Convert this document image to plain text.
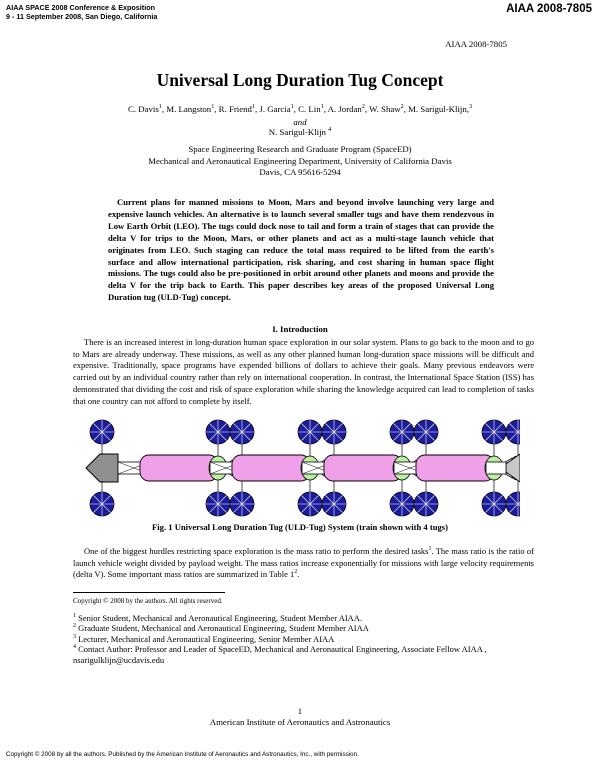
AIAA SPACE 2008 Conference & Exposition
9 - 11 September 2008, San Diego, California
AIAA 2008-7805
AIAA 2008-7805
Universal Long Duration Tug Concept
C. Davis$^1$, M. Langston$^1$, R. Friend$^1$, J. Garcia$^1$, C. Lin$^1$, A. Jordan$^2$, W. Shaw$^2$, M. Sarigul-Klijn,$^3$
and
N. Sarigul-Klijn $^4$
Space Engineering Research and Graduate Program (SpaceED)
Mechanical and Aeronautical Engineering Department, University of California Davis
Davis, CA 95616-5294

Current plans for manned missions to Moon, Mars and beyond involve launching very large and expensive launch vehicles. An alternative is to launch several smaller tugs and have them rendezvous in Low Earth Orbit (LEO). The tugs could dock nose to tail and form a train of stages that can provide the delta V for trips to the Moon, Mars, or other planets and act as a multi-stage launch vehicle that originates from LEO. Such staging can reduce the total mass required to be lifted from the earth's surface and allow international participation, risk sharing, and cost sharing in human space flight missions. The tugs could also be pre-positioned in orbit around other planets and moons and provide the delta V for the trip back to Earth. This paper describes key areas of the proposed Universal Long Duration tug (ULD-Tug) concept.

I. Introduction

There is an increased interest in long-duration human space exploration in our solar system. Plans to go back to the moon and to go to Mars are already underway. These missions, as well as any other planned human long-duration space missions will be difficult and expensive. Traditionally, space programs have expended billions of dollars to achieve their goals. Many previous endeavors were carried out by an individual country rather than rely on international cooperation. In contrast, the International Space Station (ISS) has demonstrated that dividing the cost and risk of space exploration while sharing the knowledge acquired can lead to completion of tasks that one country can not afford to complete by itself.

Fig. 1 Universal Long Duration Tug (ULD-Tug) System (train shown with 4 tugs)

One of the biggest hurdles restricting space exploration is the mass ratio to perform the desired tasks$^1$. The mass ratio is the ratio of launch vehicle weight divided by payload weight. The mass ratios increase exponentially for missions with large velocity requirements (delta V). Some important mass ratios are summarized in Table $1^2$.

Copyright © 2008 by the authors. All rights reserved.
$^1$ Senior Student, Mechanical and Aeronautical Engineering, Student Member AIAA.
$^2$ Graduate Student, Mechanical and Aeronautical Engineering, Student Member AIAA
$^3$ Lecturer, Mechanical and Aeronautical Engineering, Senior Member AIAA
$^4$ Contact Author: Professor and Leader of SpaceED, Mechanical and Aeronautical Engineering, Associate Fellow AIAA , nsarigulklijn@ucdavis.edu
1
American Institute of Aeronautics and Astronautics
Copyright © 2008 by all the authors. Published by the American Institute of Aeronautics and Astronautics, Inc., with permission.
